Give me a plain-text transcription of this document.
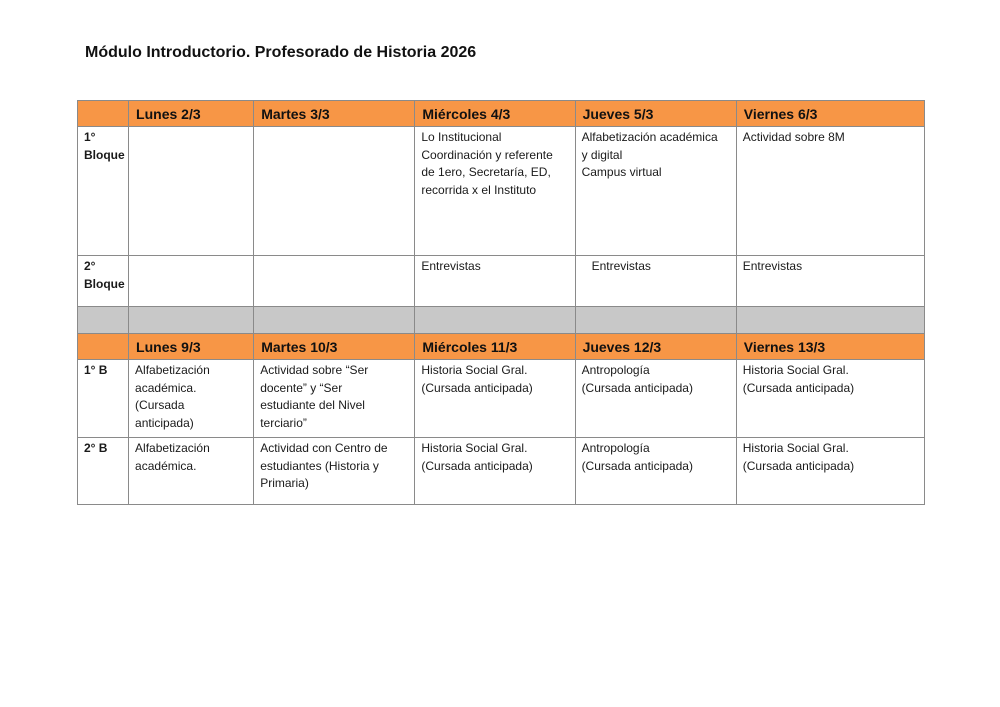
Módulo Introductorio. Profesorado de Historia 2026
	Lunes 2/3	Martes 3/3	Miércoles 4/3	Jueves 5/3	Viernes 6/3

1°
Bloque			Lo Institucional
Coordinación y referente
de 1ero, Secretaría, ED,
recorrida x el Instituto	Alfabetización académica
y digital
Campus virtual	Actividad sobre 8M

2°
Bloque			Entrevistas	Entrevistas	Entrevistas

	Lunes 9/3	Martes 10/3	Miércoles 11/3	Jueves 12/3	Viernes 13/3

1° B	Alfabetización
académica.
(Cursada
anticipada)	Actividad sobre “Ser
docente” y “Ser
estudiante del Nivel
terciario”	Historia Social Gral.
(Cursada anticipada)	Antropología
(Cursada anticipada)	Historia Social Gral.
(Cursada anticipada)

2° B	Alfabetización
académica.	Actividad con Centro de
estudiantes (Historia y
Primaria)	Historia Social Gral.
(Cursada anticipada)	Antropología
(Cursada anticipada)	Historia Social Gral.
(Cursada anticipada)
